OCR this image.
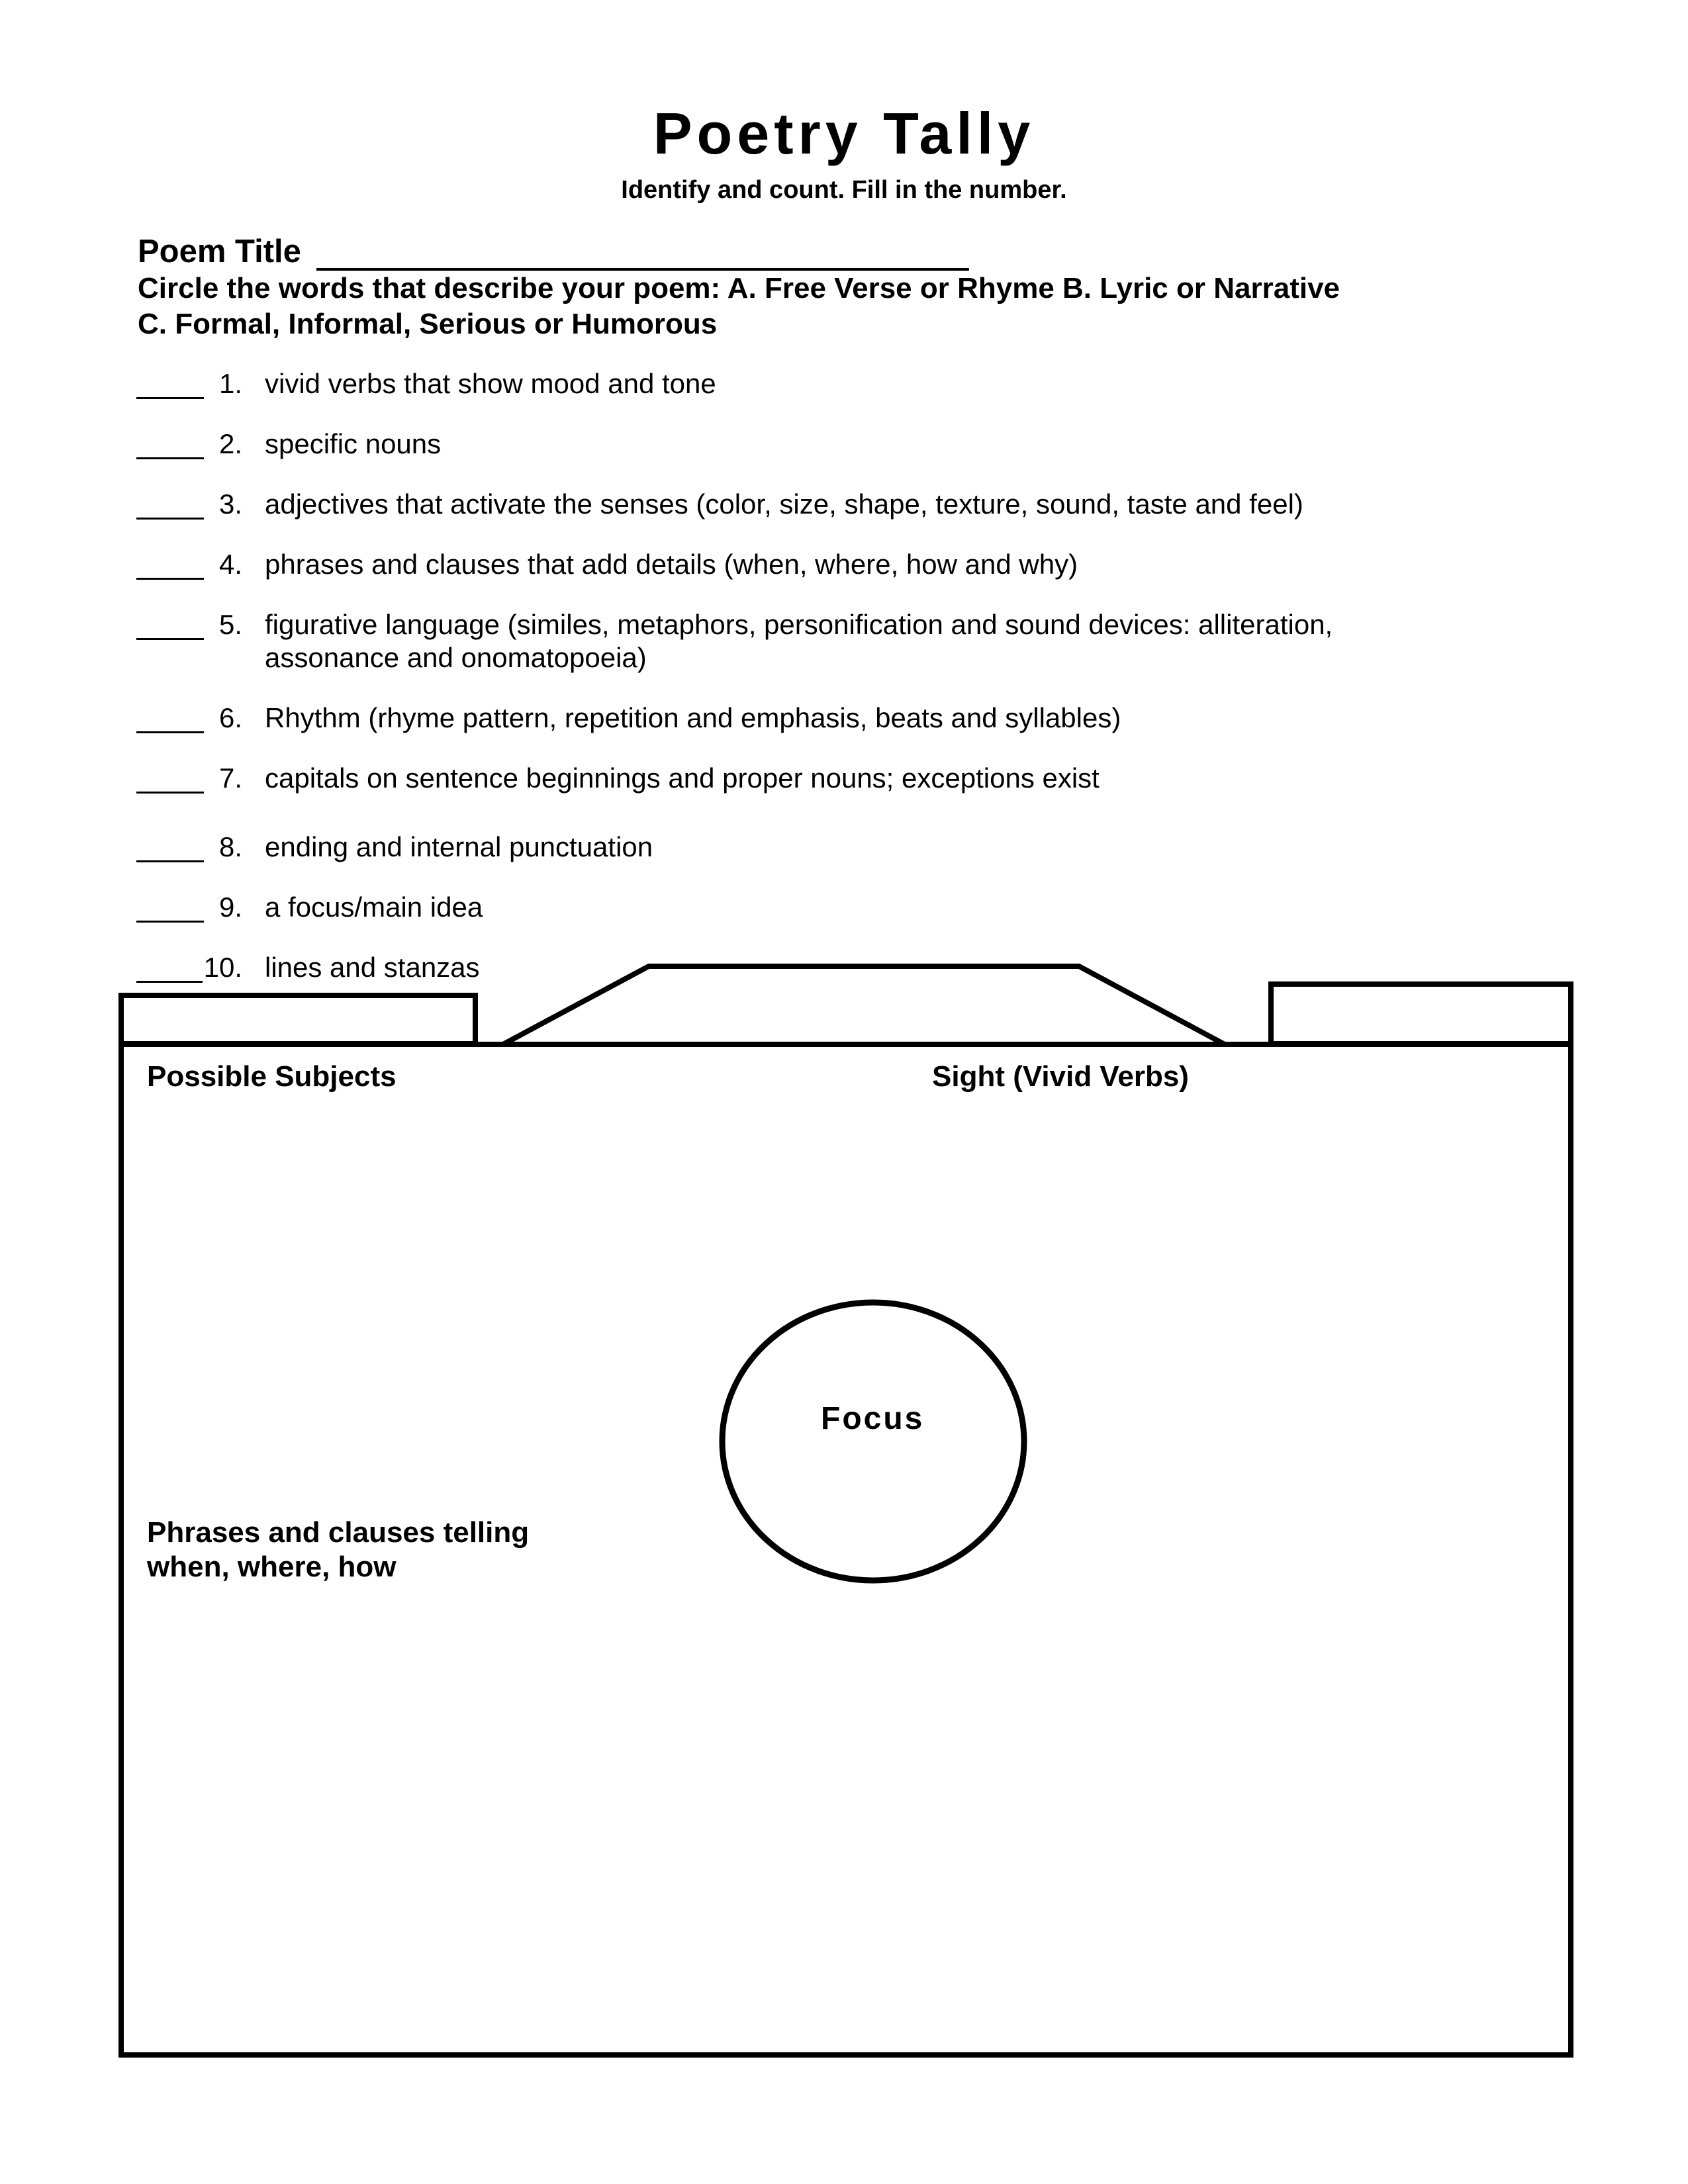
Poetry Tally
Identify and count. Fill in the number.
Poem Title
Circle the words that describe your poem: A. Free Verse or Rhyme B. Lyric or Narrative
C. Formal, Informal, Serious or Humorous
1. vivid verbs that show mood and tone
2. specific nouns
3. adjectives that activate the senses (color, size, shape, texture, sound, taste and feel)
4. phrases and clauses that add details (when, where, how and why)
5. figurative language (similes, metaphors, personification and sound devices: alliteration,
assonance and onomatopoeia)
6. Rhythm (rhyme pattern, repetition and emphasis, beats and syllables)
7. capitals on sentence beginnings and proper nouns; exceptions exist
8. ending and internal punctuation
9. a focus/main idea
10. lines and stanzas
Possible Subjects	Sight (Vivid Verbs)
Focus
Phrases and clauses telling
when, where, how
